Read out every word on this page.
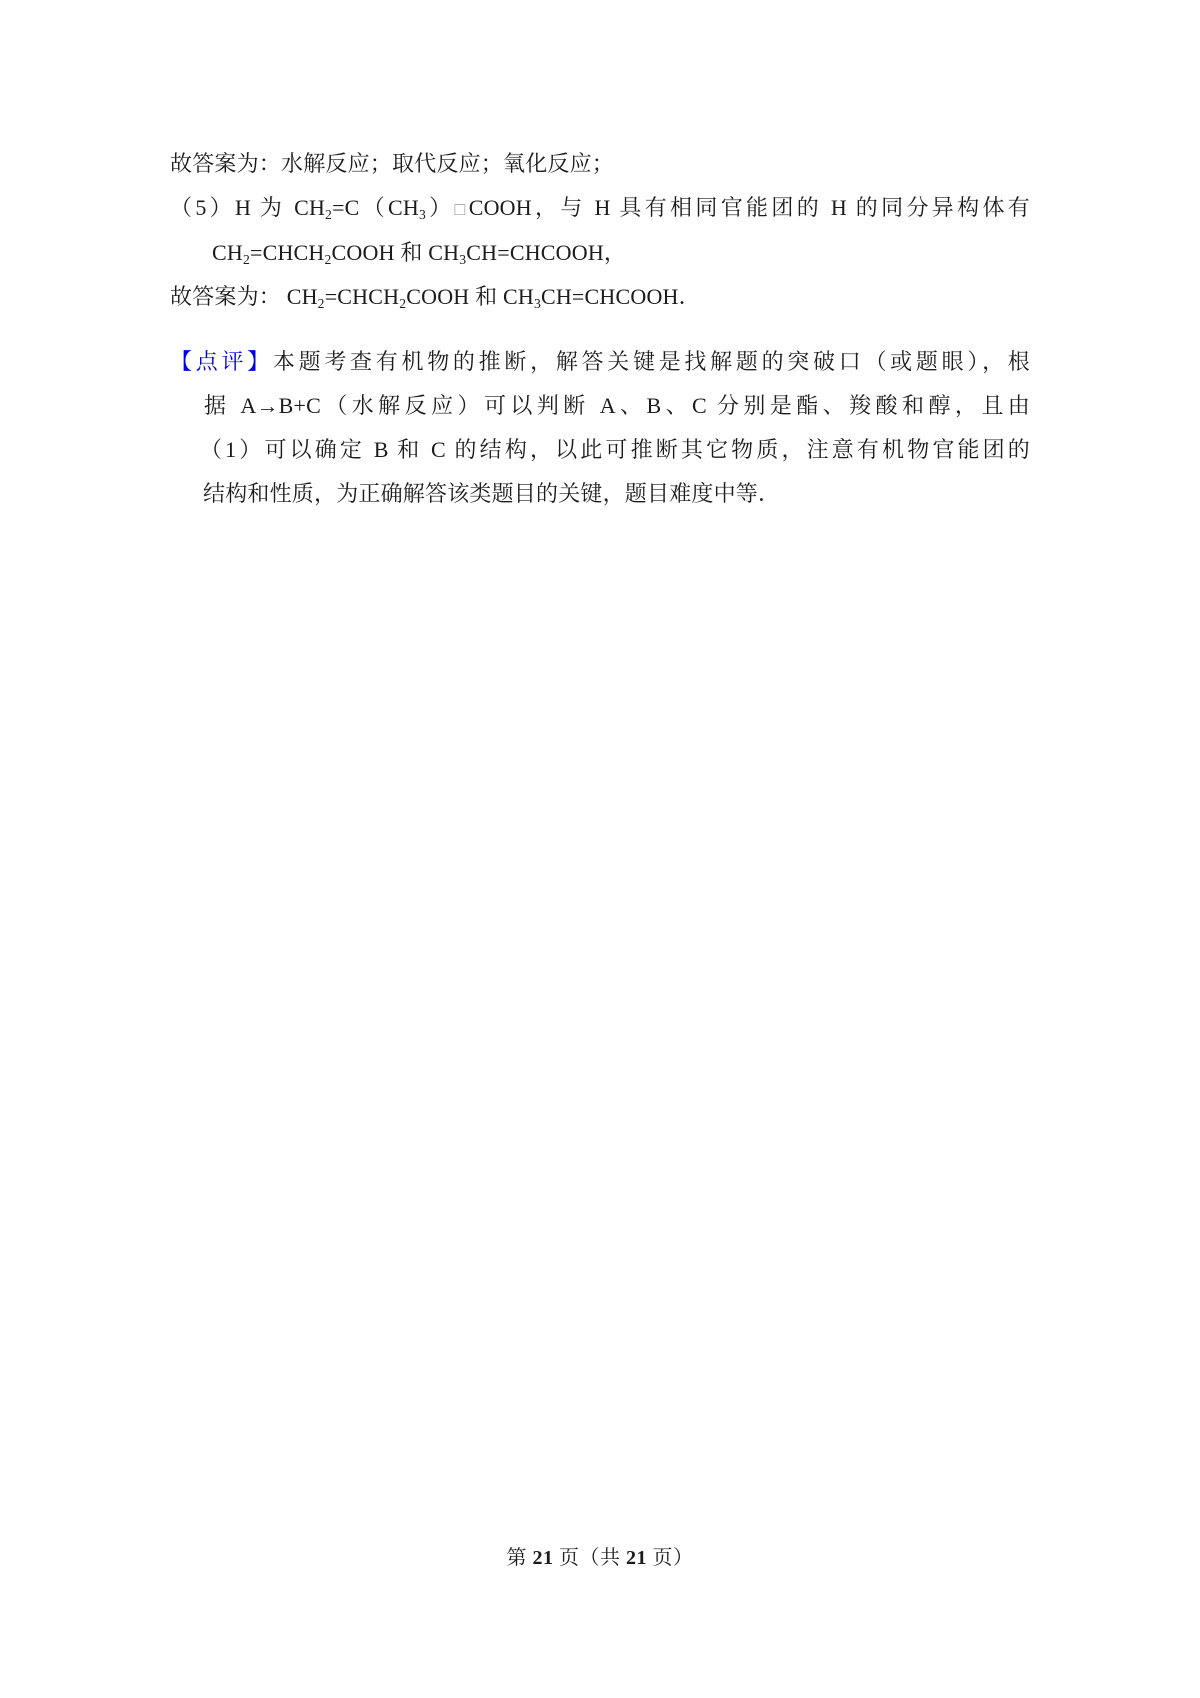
故答案为：水解反应；取代反应；氧化反应；
（5）H 为 $CH_2=C(CH_3)□COOH$，与 H 具有相同官能团的 H 的同分异构体有
$CH_2=CHCH_2COOH$ 和 $CH_3CH=CHCOOH$，
故答案为： $CH_2=CHCH_2COOH$ 和 $CH_3CH=CHCOOH$．
【点评】本题考查有机物的推断，解答关键是找解题的突破口（或题眼），根
据 A→B+C（水解反应）可以判断 A、B、C 分别是酯、羧酸和醇，且由
（1）可以确定 B 和 C 的结构，以此可推断其它物质，注意有机物官能团的
结构和性质，为正确解答该类题目的关键，题目难度中等．
第 21 页（共 21 页）
